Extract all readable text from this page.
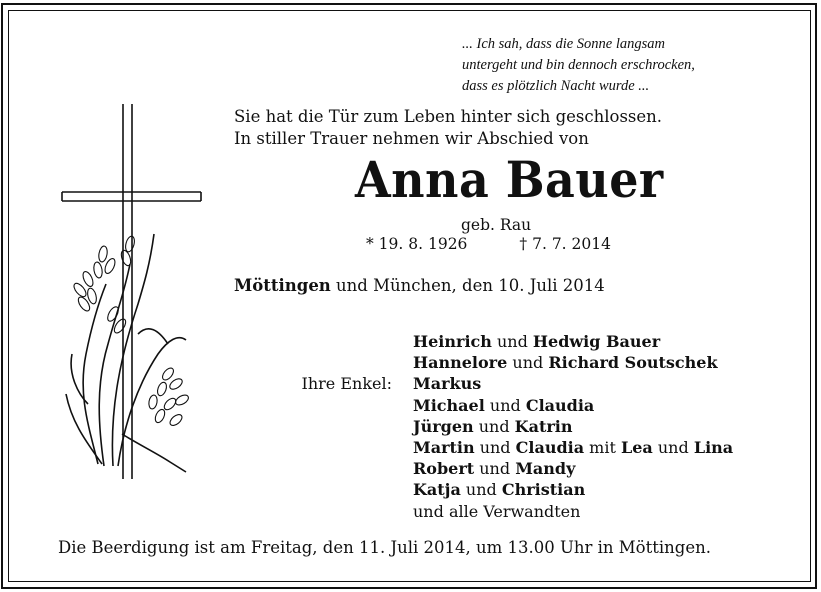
... Ich sah, dass die Sonne langsam
untergeht und bin dennoch erschrocken,
dass es plötzlich Nacht wurde ...
Sie hat die Tür zum Leben hinter sich geschlossen.
In stiller Trauer nehmen wir Abschied von
Anna Bauer
geb. Rau
* 19. 8. 1926	† 7. 7. 2014
Möttingen und München, den 10. Juli 2014
Ihre Enkel:
Heinrich und Hedwig Bauer
Hannelore und Richard Soutschek
Markus
Michael und Claudia
Jürgen und Katrin
Martin und Claudia mit Lea und Lina
Robert und Mandy
Katja und Christian
und alle Verwandten
Die Beerdigung ist am Freitag, den 11. Juli 2014, um 13.00 Uhr in Möttingen.
